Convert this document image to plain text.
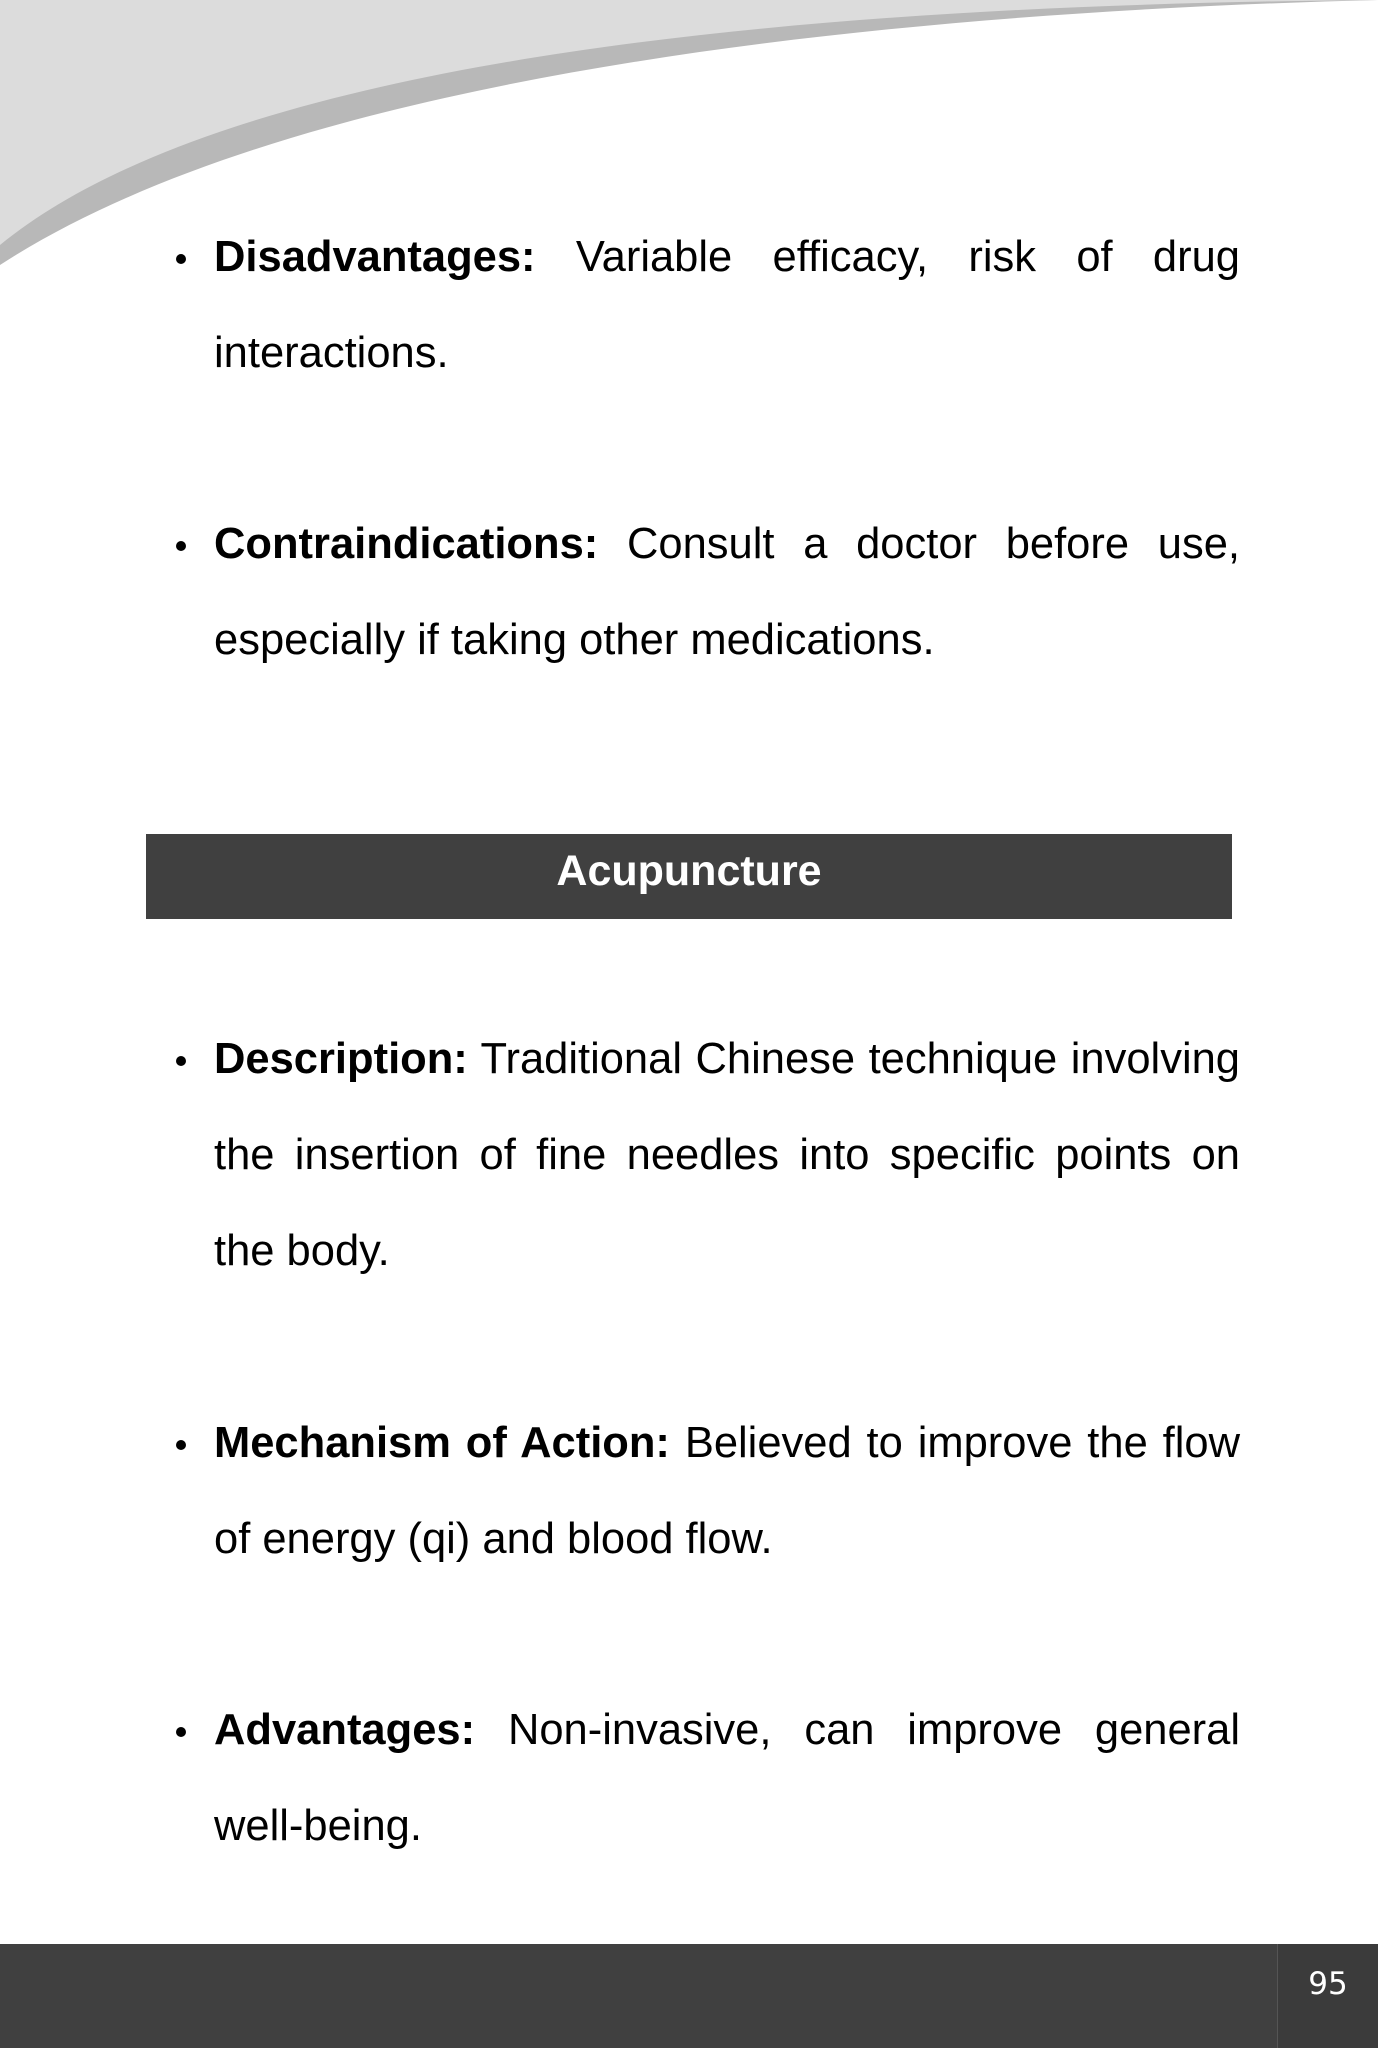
Disadvantages: Variable efficacy, risk of drug interactions.

Contraindications: Consult a doctor before use, especially if taking other medications.

Acupuncture

Description: Traditional Chinese technique involving the insertion of fine needles into specific points on the body.

Mechanism of Action: Believed to improve the flow of energy (qi) and blood flow.

Advantages: Non-invasive, can improve general well-being.

95
